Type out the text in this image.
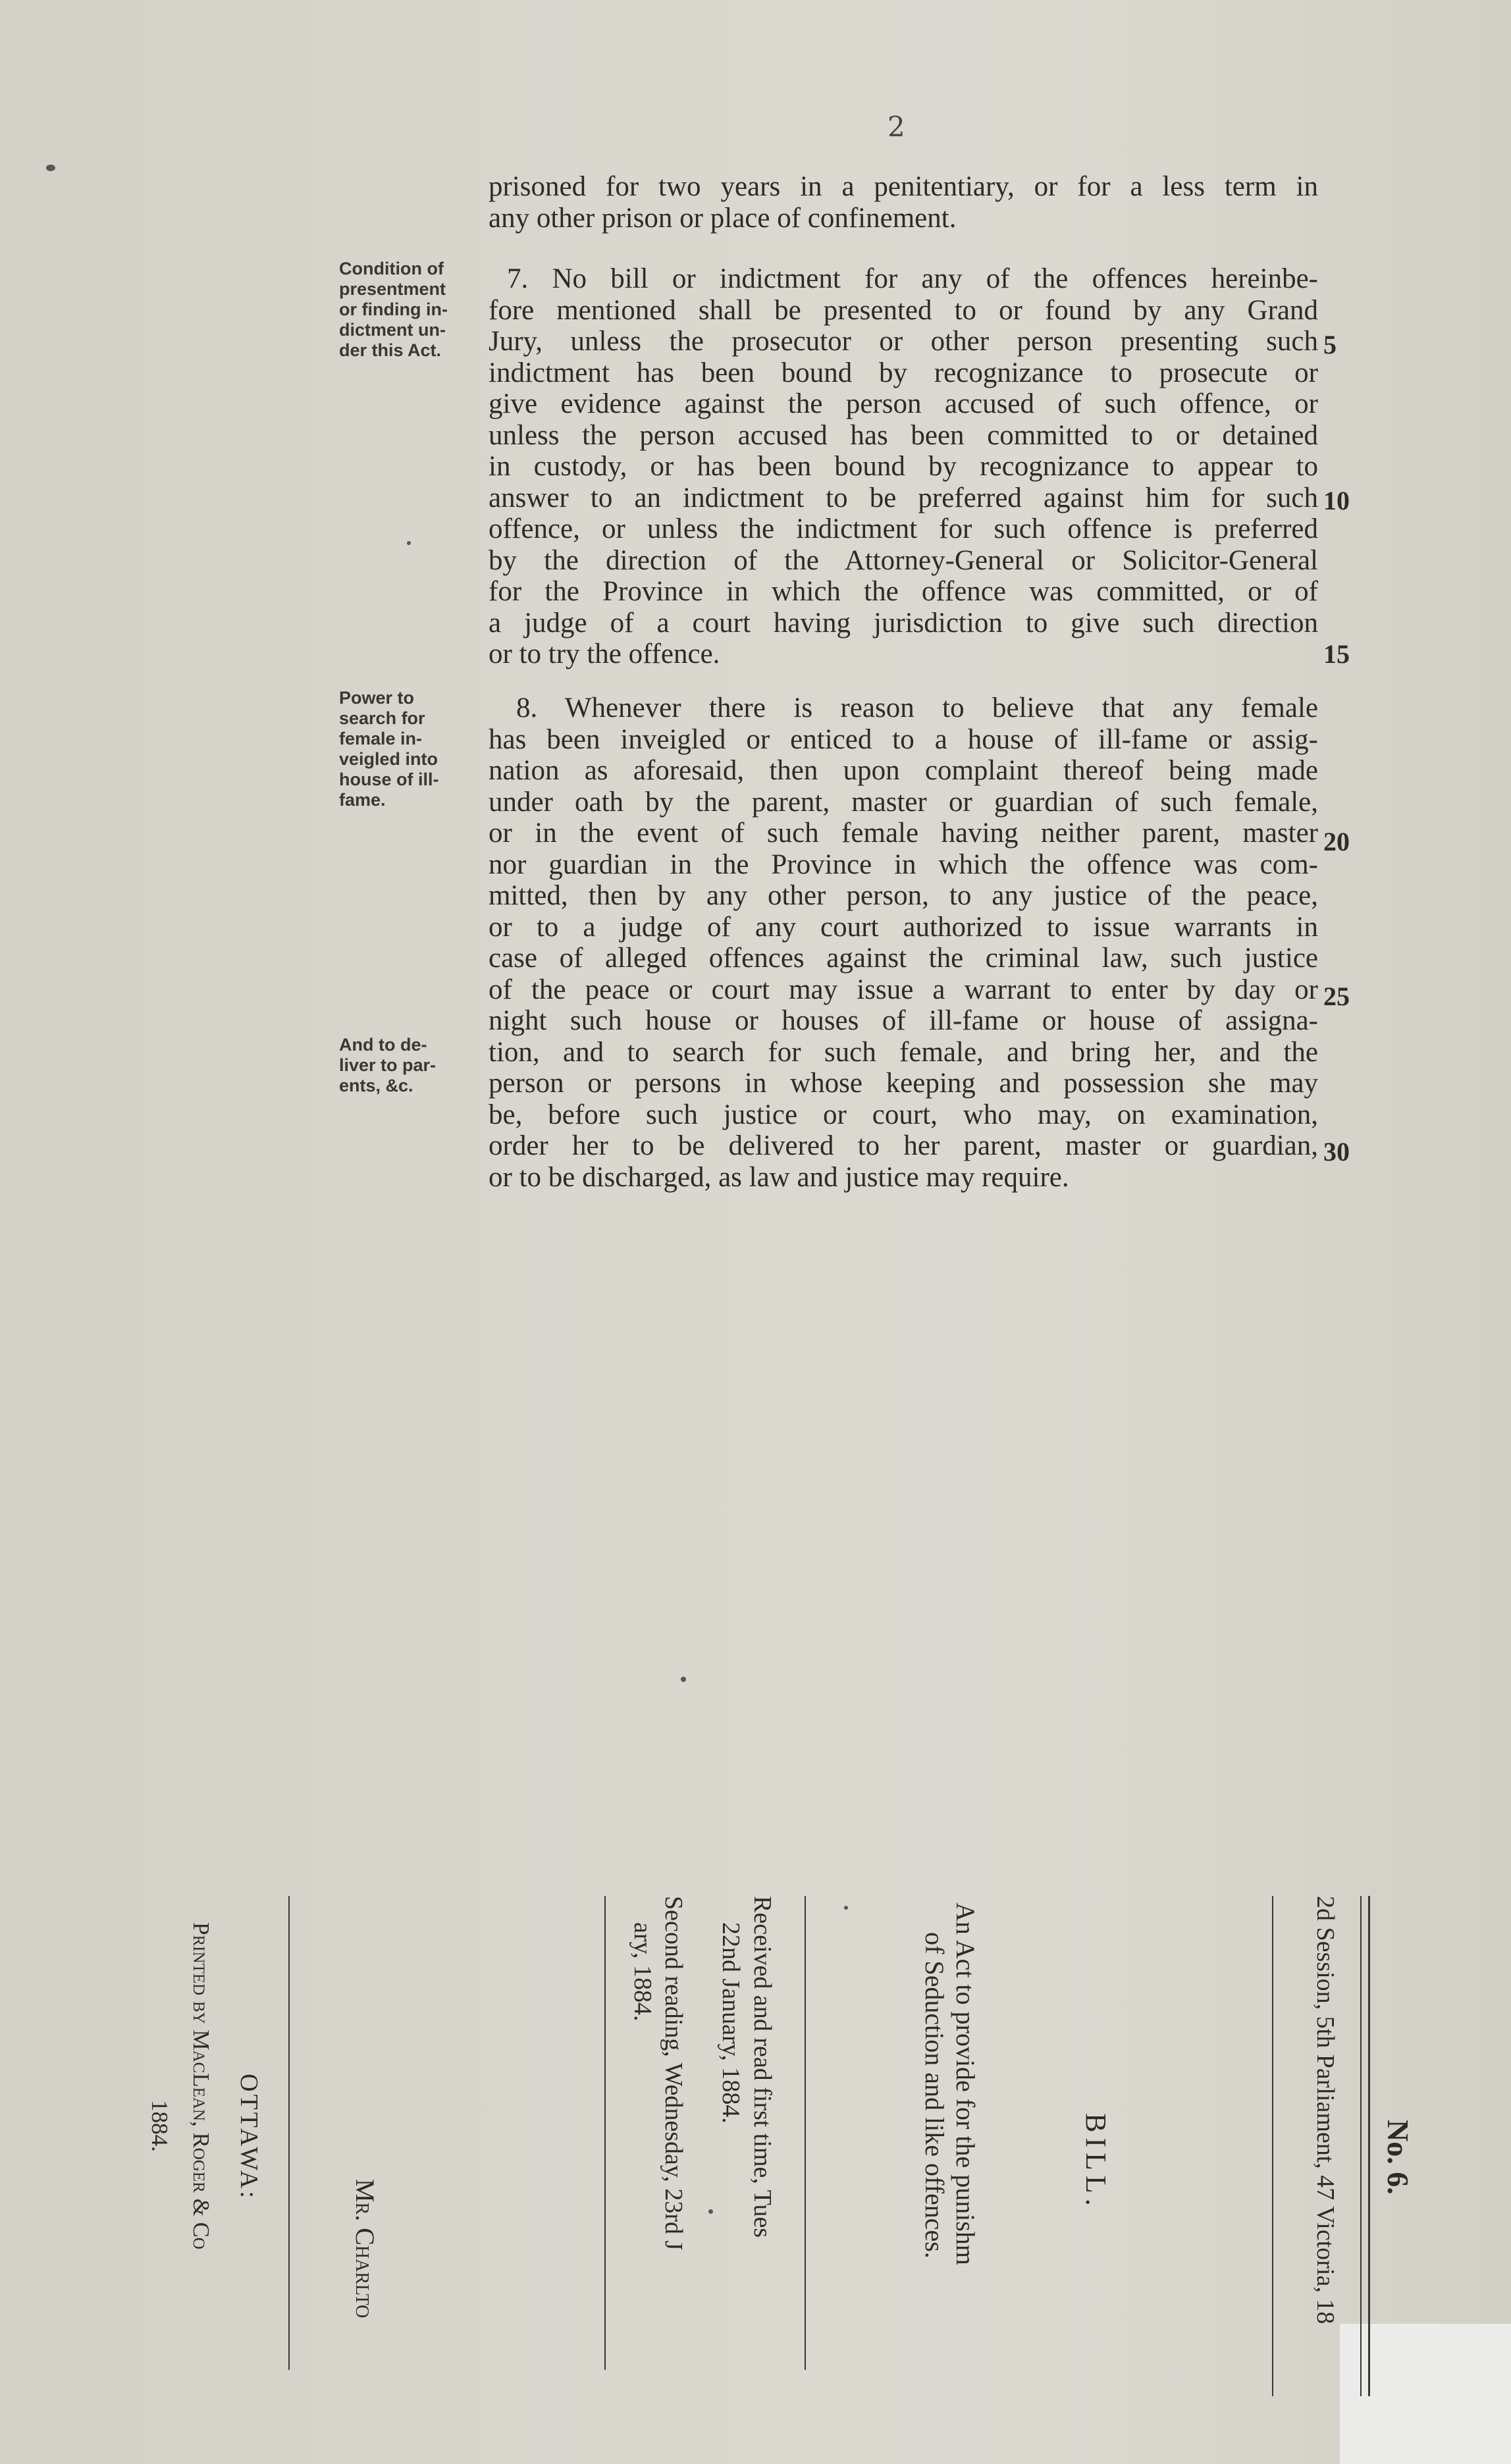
2
prisoned for two years in a penitentiary, or for a less term in
any other prison or place of confinement.
Condition of
presentment
or finding in-
dictment un-
der this Act.
7. No bill or indictment for any of the offences hereinbe-
fore mentioned shall be presented to or found by any Grand
Jury, unless the prosecutor or other person presenting such
indictment has been bound by recognizance to prosecute or
give evidence against the person accused of such offence, or
unless the person accused has been committed to or detained
in custody, or has been bound by recognizance to appear to
answer to an indictment to be preferred against him for such
offence, or unless the indictment for such offence is preferred
by the direction of the Attorney-General or Solicitor-General
for the Province in which the offence was committed, or of
a judge of a court having jurisdiction to give such direction
or to try the offence.
Power to
search for
female in-
veigled into
house of ill-
fame.
And to de-
liver to par-
ents, &c.
8. Whenever there is reason to believe that any female
has been inveigled or enticed to a house of ill-fame or assig-
nation as aforesaid, then upon complaint thereof being made
under oath by the parent, master or guardian of such female,
or in the event of such female having neither parent, master
nor guardian in the Province in which the offence was com-
mitted, then by any other person, to any justice of the peace,
or to a judge of any court authorized to issue warrants in
case of alleged offences against the criminal law, such justice
of the peace or court may issue a warrant to enter by day or
night such house or houses of ill-fame or house of assigna-
tion, and to search for such female, and bring her, and the
person or persons in whose keeping and possession she may
be, before such justice or court, who may, on examination,
order her to be delivered to her parent, master or guardian,
or to be discharged, as law and justice may require.
5
10
15
20
25
30
No. 6.
2d Session, 5th Parliament, 47 Victoria, 18
BILL.
An Act to provide for the punishm
of Seduction and like offences.
Received and read first time, Tues
22nd January, 1884.
Second reading, Wednesday, 23rd J
ary, 1884.
Mr. Charlto
OTTAWA:
Printed by MacLean, Roger & Co
1884.
